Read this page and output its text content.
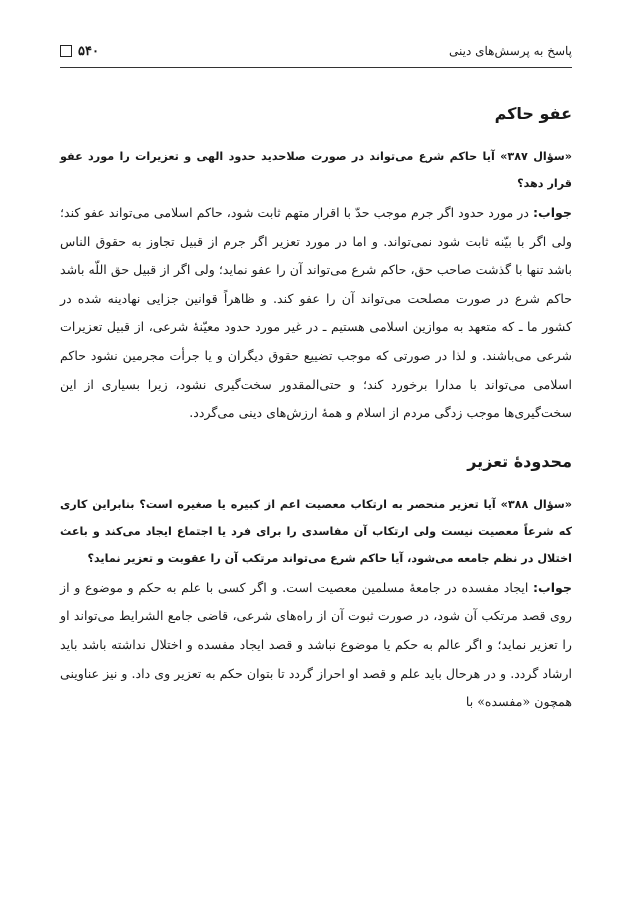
پاسخ به پرسش‌های دینی
۵۴۰
عفو حاکم

«سؤال ۳۸۷» آیا حاکم شرع می‌تواند در صورت صلاحدید حدود الهی و تعزیرات را مورد عفو قرار دهد؟

جواب: در مورد حدود اگر جرم موجب حدّ با اقرار متهم ثابت شود، حاکم اسلامی می‌تواند عفو کند؛ ولی اگر با بیّنه ثابت شود نمی‌تواند. و اما در مورد تعزیر اگر جرم از قبیل تجاوز به حقوق الناس باشد تنها با گذشت صاحب حق، حاکم شرع می‌تواند آن را عفو نماید؛ ولی اگر از قبیل حق اللّه باشد حاکم شرع در صورت مصلحت می‌تواند آن را عفو کند. و ظاهراً قوانین جزایی نهادینه شده در کشور ما ـ که متعهد به موازین اسلامی هستیم ـ در غیر مورد حدود معیّنهٔ شرعی، از قبیل تعزیرات شرعی می‌باشند. و لذا در صورتی که موجب تضییع حقوق دیگران و یا جرأت مجرمین نشود حاکم اسلامی می‌تواند با مدارا برخورد کند؛ و حتی‌المقدور سخت‌گیری نشود، زیرا بسیاری از این سخت‌گیری‌ها موجب زدگی مردم از اسلام و همهٔ ارزش‌های دینی می‌گردد.

محدودهٔ تعزیر

«سؤال ۳۸۸» آیا تعزیر منحصر به ارتکاب معصیت اعم از کبیره یا صغیره است؟ بنابراین کاری که شرعاً معصیت نیست ولی ارتکاب آن مفاسدی را برای فرد یا اجتماع ایجاد می‌کند و باعث اختلال در نظم جامعه می‌شود، آیا حاکم شرع می‌تواند مرتکب آن را عقوبت و تعزیر نماید؟

جواب: ایجاد مفسده در جامعهٔ مسلمین معصیت است. و اگر کسی با علم به حکم و موضوع و از روی قصد مرتکب آن شود، در صورت ثبوت آن از راه‌های شرعی، قاضی جامع الشرایط می‌تواند او را تعزیر نماید؛ و اگر عالم به حکم یا موضوع نباشد و قصد ایجاد مفسده و اختلال نداشته باشد باید ارشاد گردد. و در هرحال باید علم و قصد او احراز گردد تا بتوان حکم به تعزیر وی داد. و نیز عناوینی همچون «مفسده» با
